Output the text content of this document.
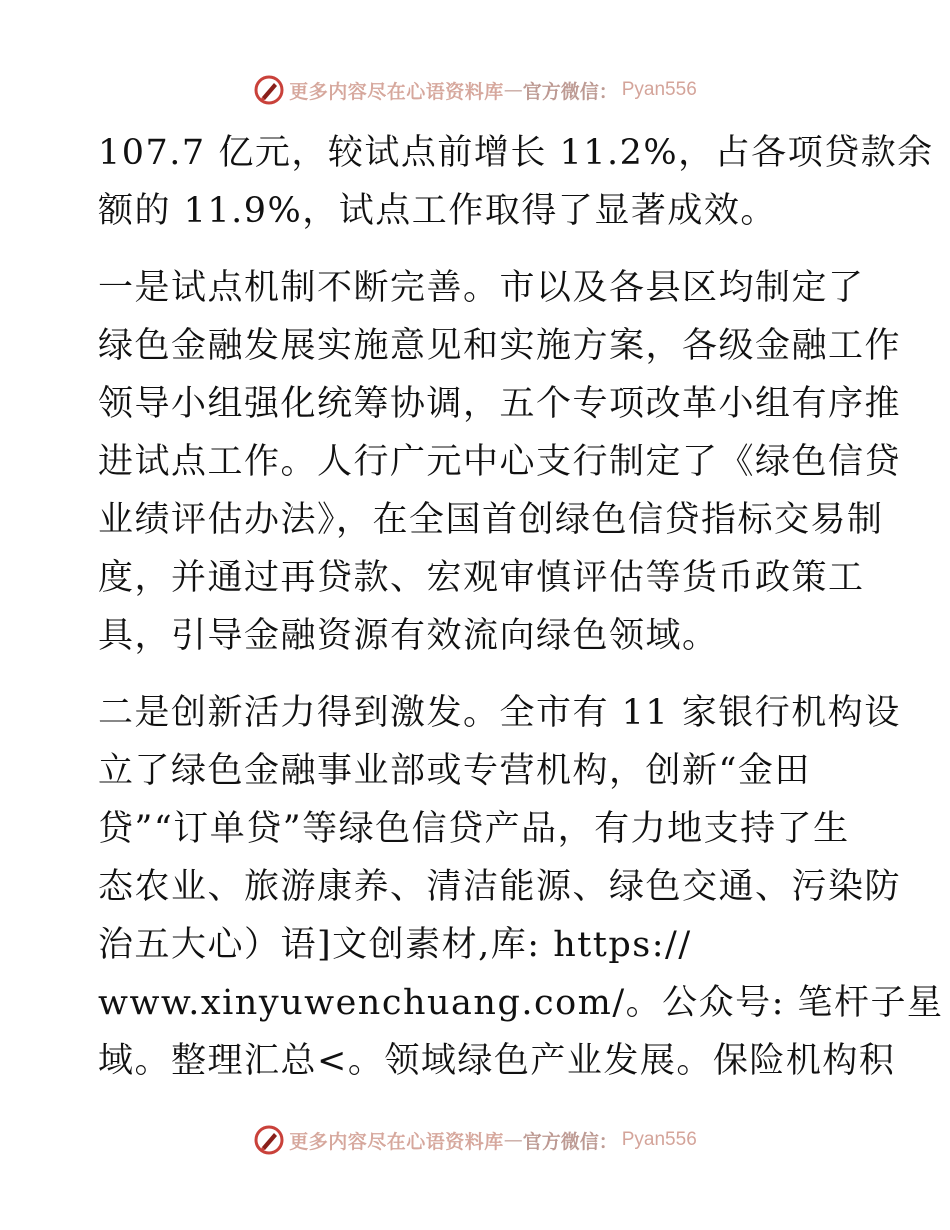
更多内容尽在心语资料库 — 官方微信： Pyan556
107.7 亿元，较试点前增长 11.2%，占各项贷款余
额的 11.9%，试点工作取得了显著成效。
一是试点机制不断完善。市以及各县区均制定了
绿色金融发展实施意见和实施方案，各级金融工作
领导小组强化统筹协调，五个专项改革小组有序推
进试点工作。人行广元中心支行制定了《绿色信贷
业绩评估办法》，在全国首创绿色信贷指标交易制
度，并通过再贷款、宏观审慎评估等货币政策工
具，引导金融资源有效流向绿色领域。
二是创新活力得到激发。全市有 11 家银行机构设
立了绿色金融事业部或专营机构，创新“金田
贷”“订单贷”等绿色信贷产品，有力地支持了生
态农业、旅游康养、清洁能源、绿色交通、污染防
治五大心）语]文创素材,库: https://
www.xinyuwenchuang.com/。公众号: 笔杆子星
域。整理汇总<。领域绿色产业发展。保险机构积
更多内容尽在心语资料库 — 官方微信： Pyan556
